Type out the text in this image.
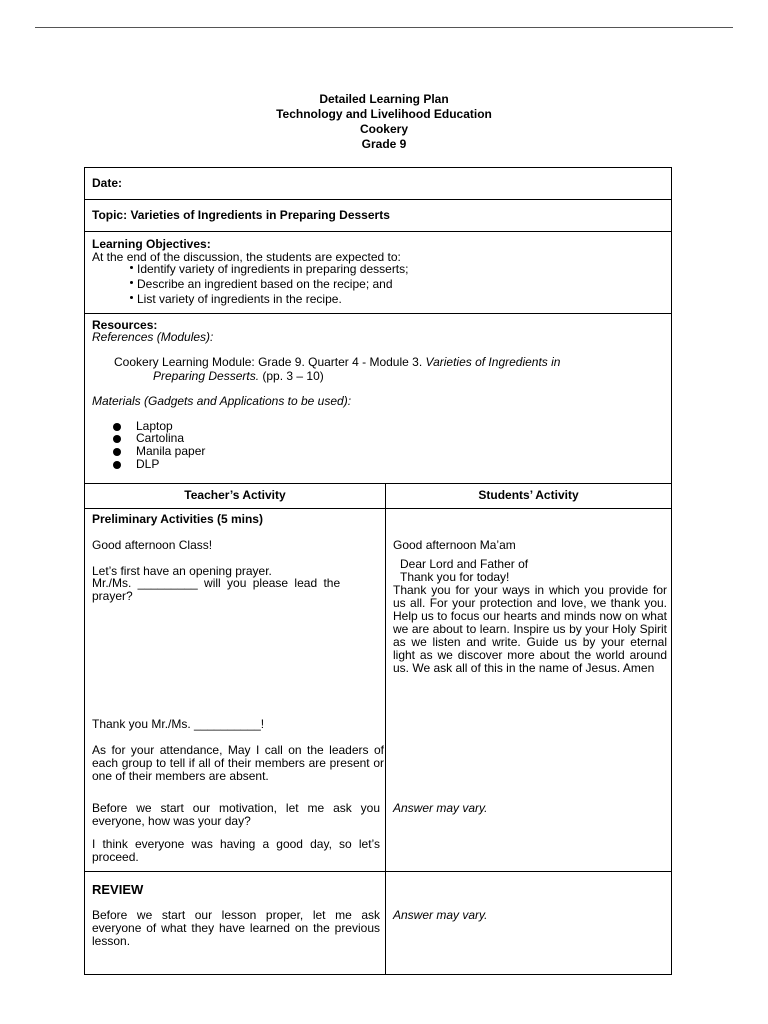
Detailed Learning Plan
Technology and Livelihood Education
Cookery
Grade 9
Date:
Topic: Varieties of Ingredients in Preparing Desserts
Learning Objectives:
At the end of the discussion, the students are expected to:
Identify variety of ingredients in preparing desserts;
Describe an ingredient based on the recipe; and
List variety of ingredients in the recipe.
Resources:
References (Modules):
Cookery Learning Module: Grade 9. Quarter 4 - Module 3. Varieties of Ingredients in
Preparing Desserts. (pp. 3 – 10)
Materials (Gadgets and Applications to be used):
Laptop
Cartolina
Manila paper
DLP
Teacher’s Activity	Students’ Activity
Preliminary Activities (5 mins)
Good afternoon Class!
Let’s first have an opening prayer.
Mr./Ms. _________ will you please lead the
prayer?
Thank you Mr./Ms. __________!
As for your attendance, May I call on the leaders of each group to tell if all of their members are present or one of their members are absent.
Before we start our motivation, let me ask you everyone, how was your day?
I think everyone was having a good day, so let’s proceed.
Good afternoon Ma’am
Dear Lord and Father of
Thank you for today!
Thank you for your ways in which you provide for us all. For your protection and love, we thank you. Help us to focus our hearts and minds now on what we are about to learn. Inspire us by your Holy Spirit as we listen and write. Guide us by your eternal light as we discover more about the world around us. We ask all of this in the name of Jesus. Amen
Answer may vary.
REVIEW
Before we start our lesson proper, let me ask everyone of what they have learned on the previous lesson.
Answer may vary.
